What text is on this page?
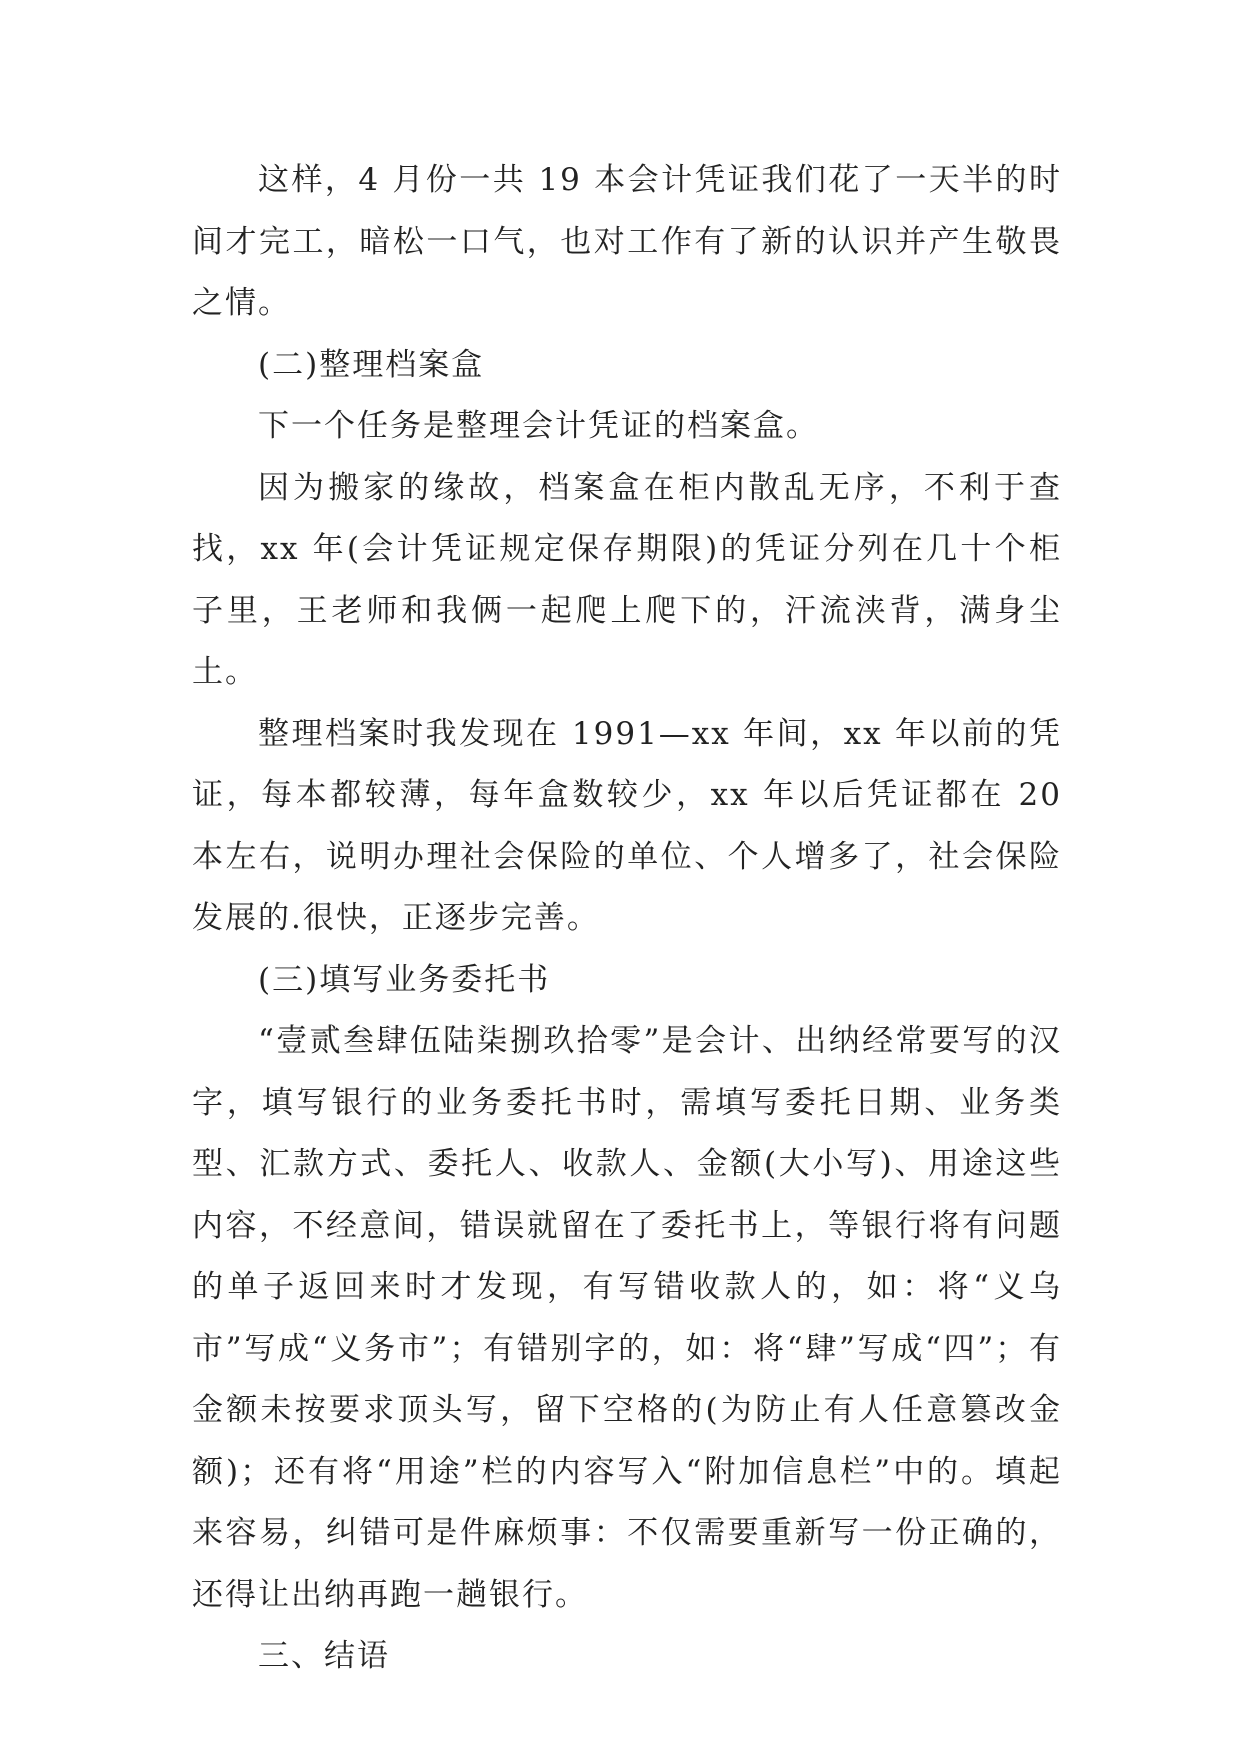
这样，4 月份一共 19 本会计凭证我们花了一天半的时间才完工，暗松一口气，也对工作有了新的认识并产生敬畏之情。

(二)整理档案盒

下一个任务是整理会计凭证的档案盒。

因为搬家的缘故，档案盒在柜内散乱无序，不利于查找，xx 年(会计凭证规定保存期限)的凭证分列在几十个柜子里，王老师和我俩一起爬上爬下的，汗流浃背，满身尘土。

整理档案时我发现在 1991—xx 年间，xx 年以前的凭证，每本都较薄，每年盒数较少，xx 年以后凭证都在 20 本左右，说明办理社会保险的单位、个人增多了，社会保险发展的.很快，正逐步完善。

(三)填写业务委托书

“壹贰叁肆伍陆柒捌玖拾零”是会计、出纳经常要写的汉字，填写银行的业务委托书时，需填写委托日期、业务类型、汇款方式、委托人、收款人、金额(大小写)、用途这些内容，不经意间，错误就留在了委托书上，等银行将有问题的单子返回来时才发现，有写错收款人的，如：将“义乌市”写成“义务市”；有错别字的，如：将“肆”写成“四”；有金额未按要求顶头写，留下空格的(为防止有人任意篡改金额)；还有将“用途”栏的内容写入“附加信息栏”中的。填起来容易，纠错可是件麻烦事：不仅需要重新写一份正确的，还得让出纳再跑一趟银行。

三、结语
